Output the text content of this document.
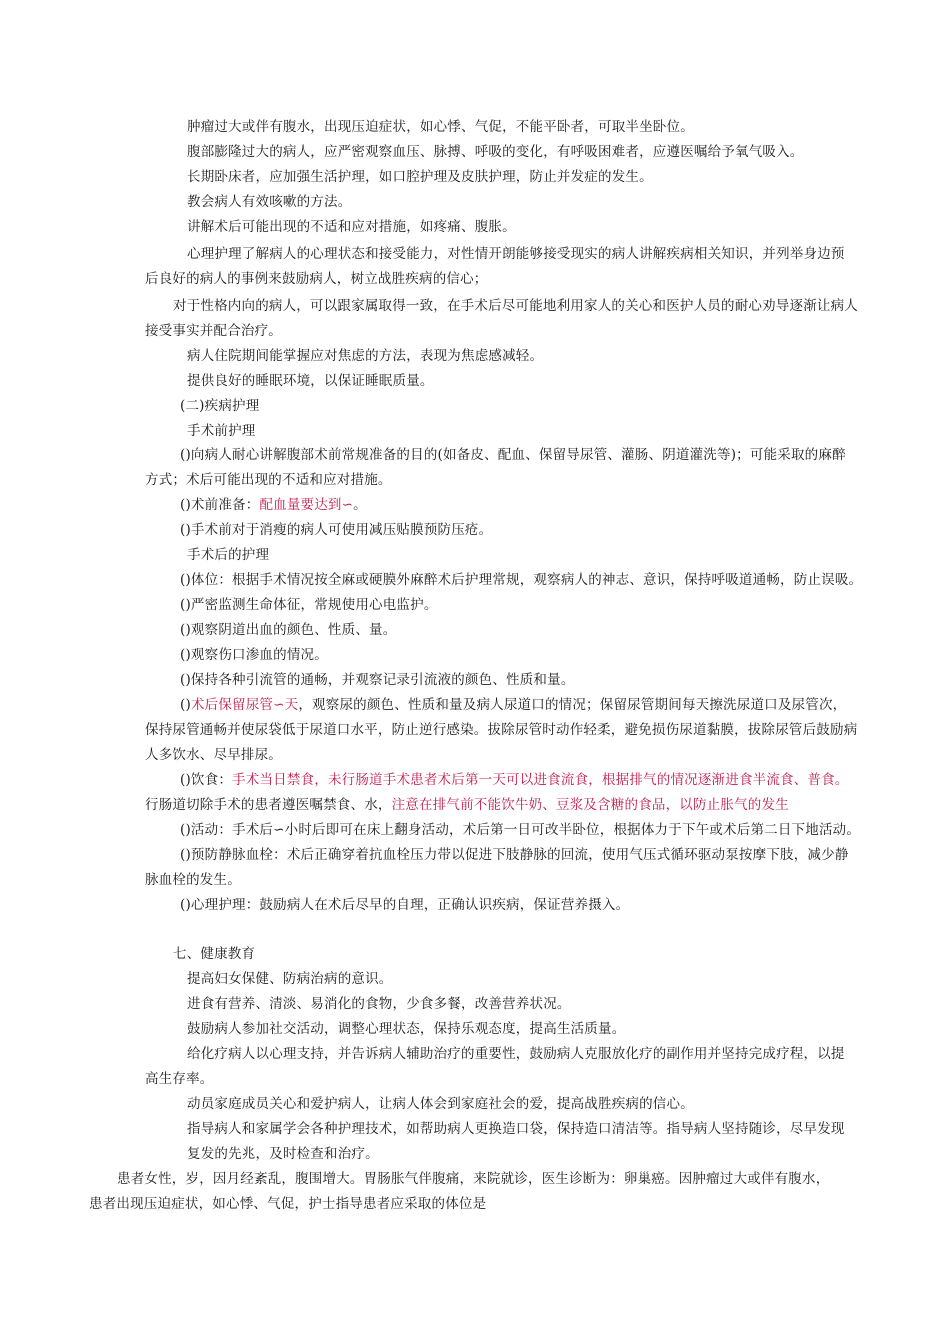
肿瘤过大或伴有腹水，出现压迫症状，如心悸、气促，不能平卧者，可取半坐卧位。
腹部膨隆过大的病人，应严密观察血压、脉搏、呼吸的变化，有呼吸困难者，应遵医嘱给予氧气吸入。
长期卧床者，应加强生活护理，如口腔护理及皮肤护理，防止并发症的发生。
教会病人有效咳嗽的方法。
讲解术后可能出现的不适和应对措施，如疼痛、腹胀。
心理护理了解病人的心理状态和接受能力，对性情开朗能够接受现实的病人讲解疾病相关知识，并列举身边预
后良好的病人的事例来鼓励病人，树立战胜疾病的信心；
对于性格内向的病人，可以跟家属取得一致，在手术后尽可能地利用家人的关心和医护人员的耐心劝导逐渐让病人
接受事实并配合治疗。
病人住院期间能掌握应对焦虑的方法，表现为焦虑感减轻。
提供良好的睡眠环境，以保证睡眠质量。
(二)疾病护理
手术前护理
()向病人耐心讲解腹部术前常规准备的目的(如备皮、配血、保留导尿管、灌肠、阴道灌洗等)；可能采取的麻醉
方式；术后可能出现的不适和应对措施。
()术前准备：配血量要达到∽。
()手术前对于消瘦的病人可使用减压贴膜预防压疮。
手术后的护理
()体位：根据手术情况按全麻或硬膜外麻醉术后护理常规，观察病人的神志、意识，保持呼吸道通畅，防止误吸。
()严密监测生命体征，常规使用心电监护。
()观察阴道出血的颜色、性质、量。
()观察伤口渗血的情况。
()保持各种引流管的通畅，并观察记录引流液的颜色、性质和量。
()术后保留尿管∽天，观察尿的颜色、性质和量及病人尿道口的情况；保留尿管期间每天擦洗尿道口及尿管次，
保持尿管通畅并使尿袋低于尿道口水平，防止逆行感染。拔除尿管时动作轻柔，避免损伤尿道黏膜，拔除尿管后鼓励病
人多饮水、尽早排尿。
()饮食：手术当日禁食，未行肠道手术患者术后第一天可以进食流食，根据排气的情况逐渐进食半流食、普食。
行肠道切除手术的患者遵医嘱禁食、水，注意在排气前不能饮牛奶、豆浆及含糖的食品，以防止胀气的发生
()活动：手术后∽小时后即可在床上翻身活动，术后第一日可改半卧位，根据体力于下午或术后第二日下地活动。
()预防静脉血栓：术后正确穿着抗血栓压力带以促进下肢静脉的回流，使用气压式循环驱动泵按摩下肢，减少静
脉血栓的发生。
()心理护理：鼓励病人在术后尽早的自理，正确认识疾病，保证营养摄入。
七、健康教育
提高妇女保健、防病治病的意识。
进食有营养、清淡、易消化的食物，少食多餐，改善营养状况。
鼓励病人参加社交活动，调整心理状态，保持乐观态度，提高生活质量。
给化疗病人以心理支持，并告诉病人辅助治疗的重要性，鼓励病人克服放化疗的副作用并坚持完成疗程，以提
高生存率。
动员家庭成员关心和爱护病人，让病人体会到家庭社会的爱，提高战胜疾病的信心。
指导病人和家属学会各种护理技术，如帮助病人更换造口袋，保持造口清洁等。指导病人坚持随诊，尽早发现
复发的先兆，及时检查和治疗。
患者女性，岁，因月经紊乱，腹围增大。胃肠胀气伴腹痛，来院就诊，医生诊断为：卵巢癌。因肿瘤过大或伴有腹水，
患者出现压迫症状，如心悸、气促，护士指导患者应采取的体位是
